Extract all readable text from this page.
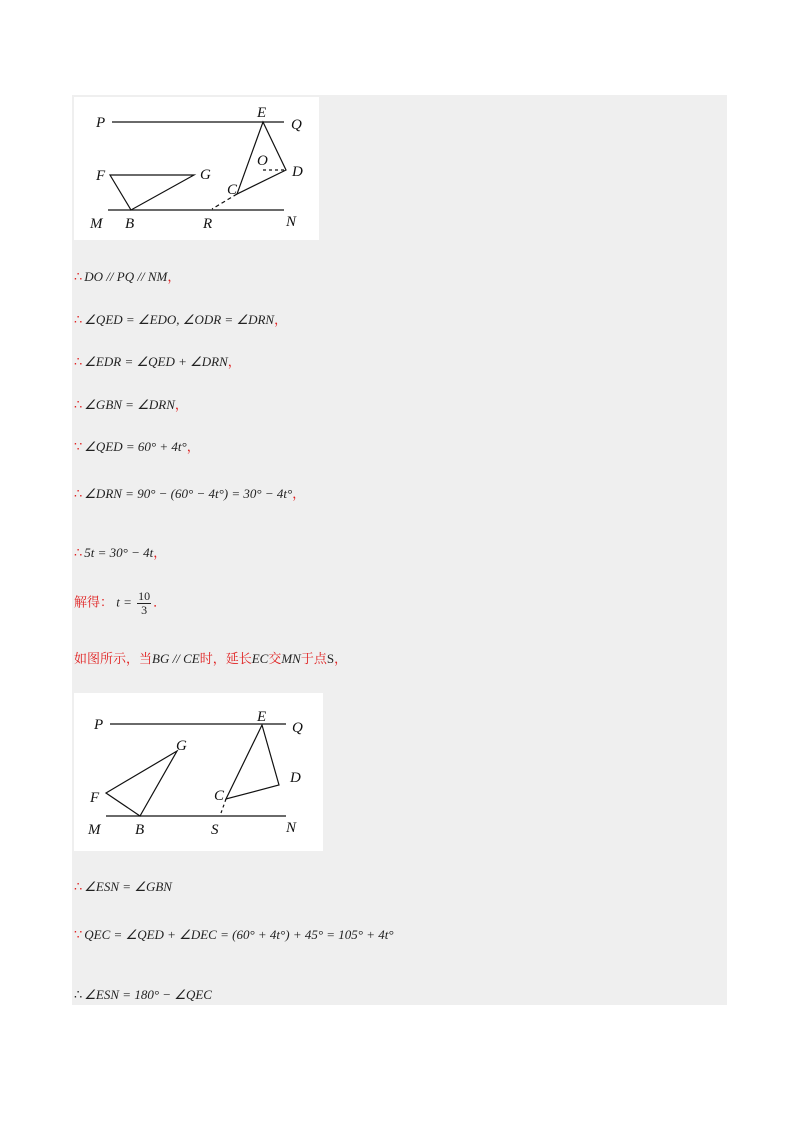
P
E
Q
O
D
F	G
C
M B	R	N
∴ DO // PQ // NM，
∴ ∠QED = ∠EDO, ∠ODR = ∠DRN，
∴ ∠EDR = ∠QED + ∠DRN，
∴ ∠GBN = ∠DRN，
∵ ∠QED = 60° + 4t°，
∴ ∠DRN = 90° − (60° − 4t°) = 30° − 4t°，
∴ 5t = 30° − 4t，
解得： $t = \frac{10}{3}$ ．
如图所示，当BG // CE时，延长EC交MN于点S，
P	E
Q
G
D
F	C
M B	S	N
∴ ∠ESN = ∠GBN
∵ QEC = ∠QED + ∠DEC = (60° + 4t°) + 45° = 105° + 4t°
∴ ∠ESN = 180° − ∠QEC
